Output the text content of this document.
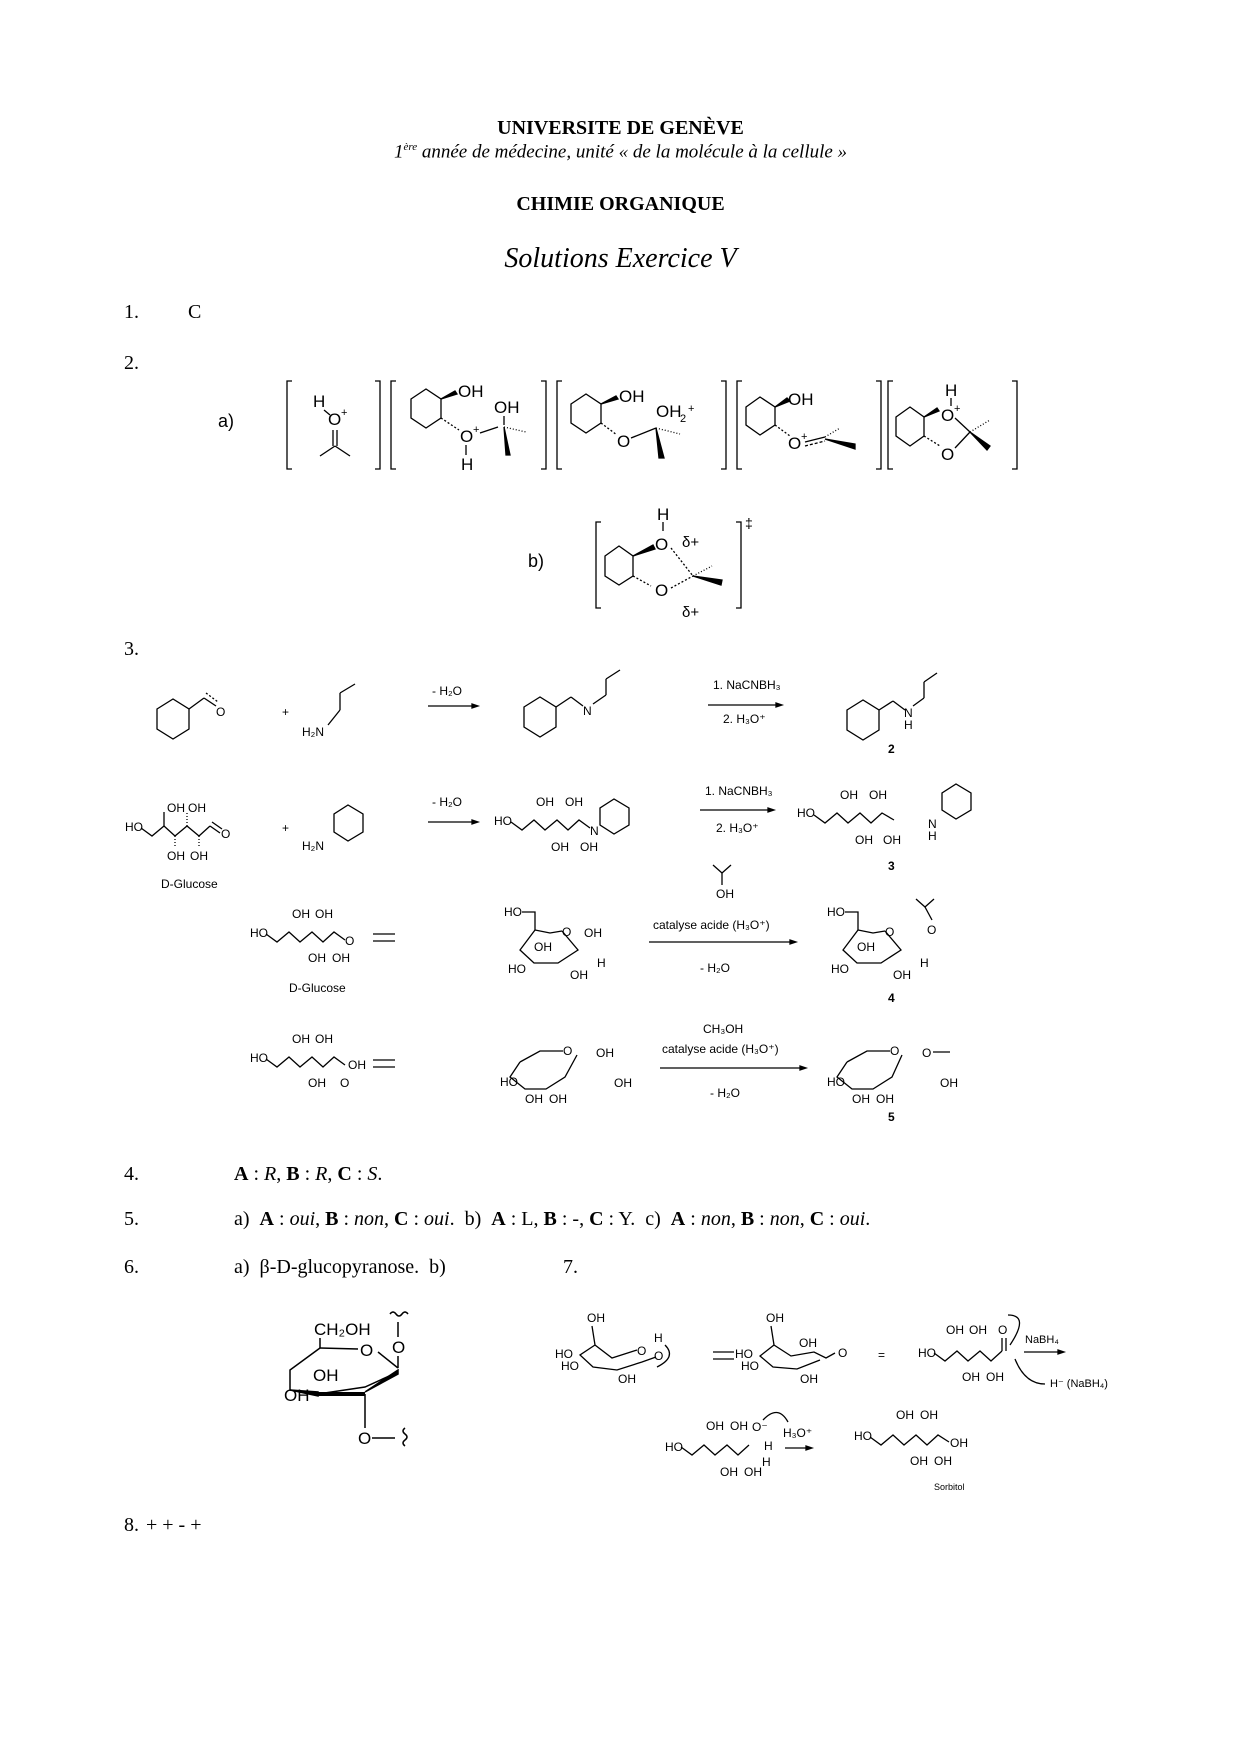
UNIVERSITE DE GENÈVE
1ère année de médecine, unité « de la molécule à la cellule »
CHIMIE ORGANIQUE
Solutions Exercice V
1. C
2.
a)
b)
H
O +
OH
O +
H
OH
OH
O
OH
2
+	OH
O +
H
O +
O
‡
H
O δ+
O
δ+
O	+
H₂N
- H₂O
N
1. NaCNBH₃
2. H₃O⁺	N
H
2
HO
OH OH
OH OH
O
D-Glucose
+
H₂N
- H₂O
HO
OH OH
OH OH
N
1. NaCNBH₃
2. H₃O⁺
HO
OH OH
OH OH
N
H
3
HO
OH OH
OH OH
O
D-Glucose
HO
O OH
OH
HO	OH
H
OH
catalyse acide (H₃O⁺)
- H₂O
HO
O	O
OH
HO	OH
H
4
HO
OH OH
OH O
OH
O OH
HO
OH OH
OH
CH₃OH
catalyse acide (H₃O⁺)
- H₂O
O O
HO
OH OH
OH
5
CH₂OH
O
OH
OH
O
O
OH
O
HO
HO
OH
H
O
OH
OH
HO
HO
OH
O	=	HO
OH OH
OH OH
O
NaBH₄
H⁻ (NaBH₄)
HO
OH OH
OH OH
O⁻
H
H
H₃O⁺	HO
OH OH
OH OH
OH
3.
4.	A : R, B : R, C : S.
5.	a) A : oui, B : non, C : oui.  b) A : L, B : -, C : Y.  c) A : non, B : non, C : oui.
6.	a) β-D-glucopyranose. b)	7.
Sorbitol
8. + + - +
